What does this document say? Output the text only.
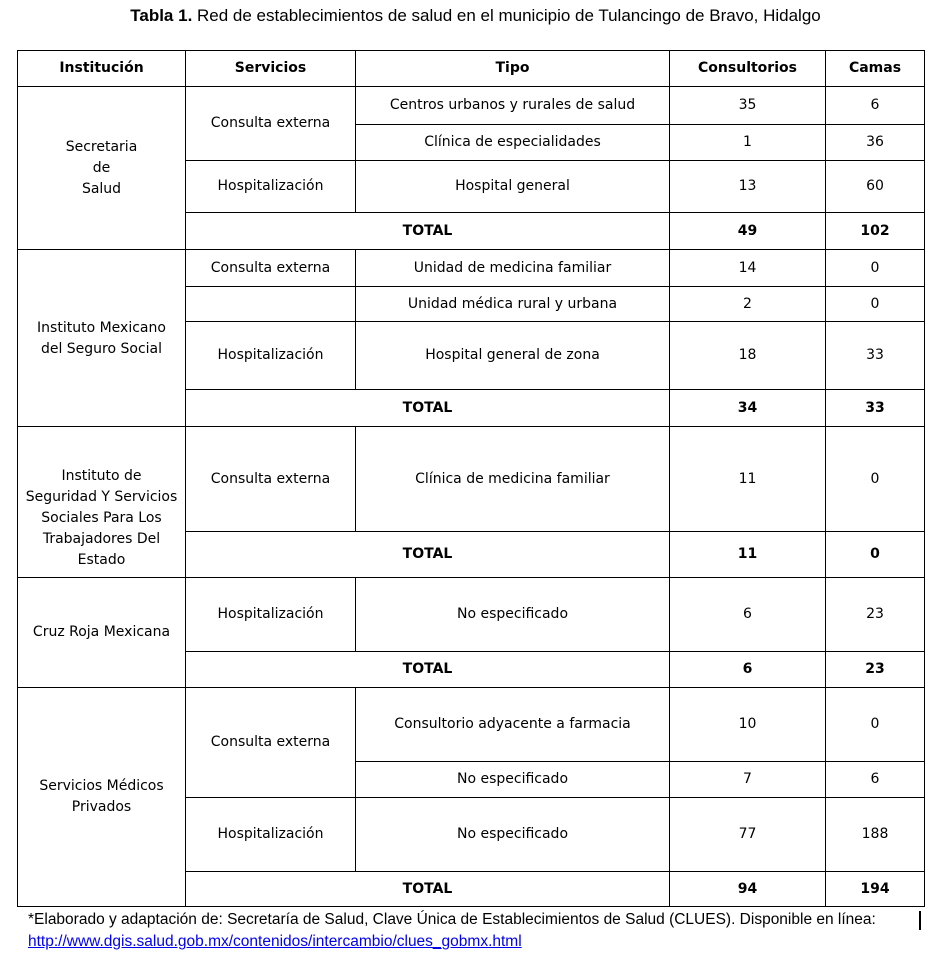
Tabla 1. Red de establecimientos de salud en el municipio de Tulancingo de Bravo, Hidalgo
Institución	Servicios	Tipo	Consultorios	Camas
Secretaria
de
Salud	Consulta externa	Centros urbanos y rurales de salud	35	6
		Clínica de especialidades	1	36
	Hospitalización	Hospital general	13	60
	TOTAL		49	102
Instituto Mexicano
del Seguro Social	Consulta externa	Unidad de medicina familiar	14	0
		Unidad médica rural y urbana	2	0
	Hospitalización	Hospital general de zona	18	33
	TOTAL		34	33
Instituto de
Seguridad Y Servicios
Sociales Para Los
Trabajadores Del
Estado	Consulta externa	Clínica de medicina familiar	11	0
	TOTAL		11	0
Cruz Roja Mexicana	Hospitalización	No especificado	6	23
	TOTAL		6	23
Servicios Médicos
Privados	Consulta externa	Consultorio adyacente a farmacia	10	0
		No especificado	7	6
	Hospitalización	No especificado	77	188
	TOTAL		94	194
*Elaborado y adaptación de: Secretaría de Salud, Clave Única de Establecimientos de Salud (CLUES). Disponible en línea: http://www.dgis.salud.gob.mx/contenidos/intercambio/clues_gobmx.html
